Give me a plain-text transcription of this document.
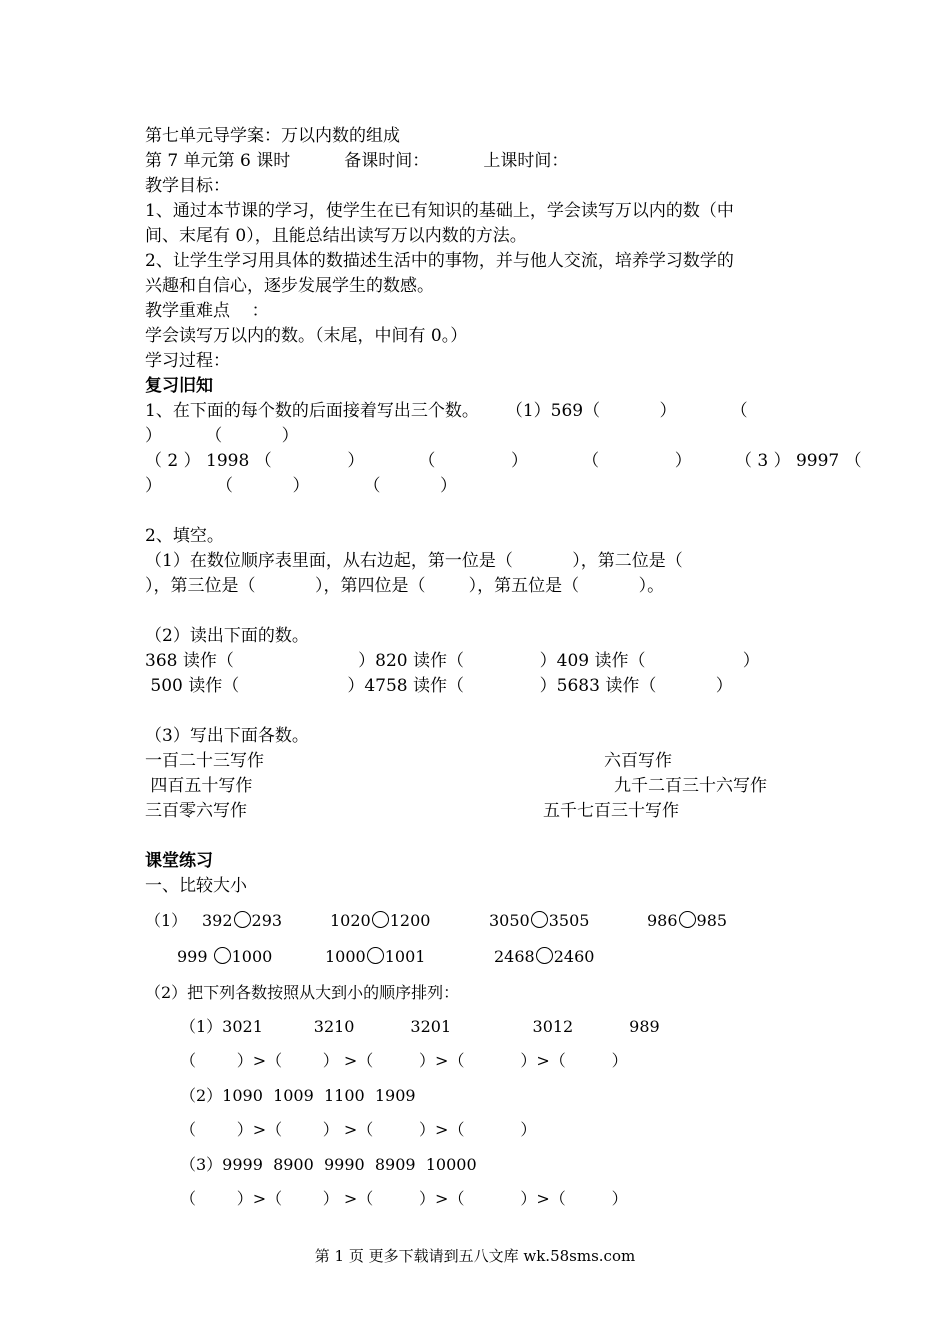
第七单元导学案：万以内数的组成
第 7 单元第 6 课时          备课时间：          上课时间：
教学目标：
1、通过本节课的学习，使学生在已有知识的基础上，学会读写万以内的数（中
间、末尾有 0），且能总结出读写万以内数的方法。
2、让学生学习用具体的数描述生活中的事物，并与他人交流，培养学习数学的
兴趣和自信心，逐步发展学生的数感。
教学重难点    ：
学会读写万以内的数。（末尾，中间有 0。）
学习过程：
复习旧知
1、在下面的每个数的后面接着写出三个数。     （1）569（           ）          （
）        （           ）
（ 2 ） 1998 （              ）          （              ）          （              ）        （ 3 ） 9997 （
）          （           ）          （           ）
2、填空。
（1）在数位顺序表里面，从右边起，第一位是（           ），第二位是（
），第三位是（           ），第四位是（        ），第五位是（           ）。
（2）读出下面的数。
368 读作（                       ）820 读作（              ）409 读作（                  ）
500 读作（                    ）4758 读作（              ）5683 读作（           ）
（3）写出下面各数。
一百二十三写作	六百写作
四百五十写作	九千二百三十六写作
三百零六写作	五千七百三十写作
课堂练习
一、比较大小
（1） 392 293	1020 1200	3050 3505	986 985
999 1000	1000 1001	2468 2460
（2）把下列各数按照从大到小的顺序排列：
（1）3021          3210           3201                3012           989
（        ）>（        ） >（         ）>（           ）>（         ）
（2）1090  1009  1100  1909
（        ）>（        ） >（         ）>（           ）
（3）9999  8900  9990  8909  10000
（        ）>（        ） >（         ）>（           ）>（         ）
第 1 页 更多下载请到五八文库 wk.58sms.com
